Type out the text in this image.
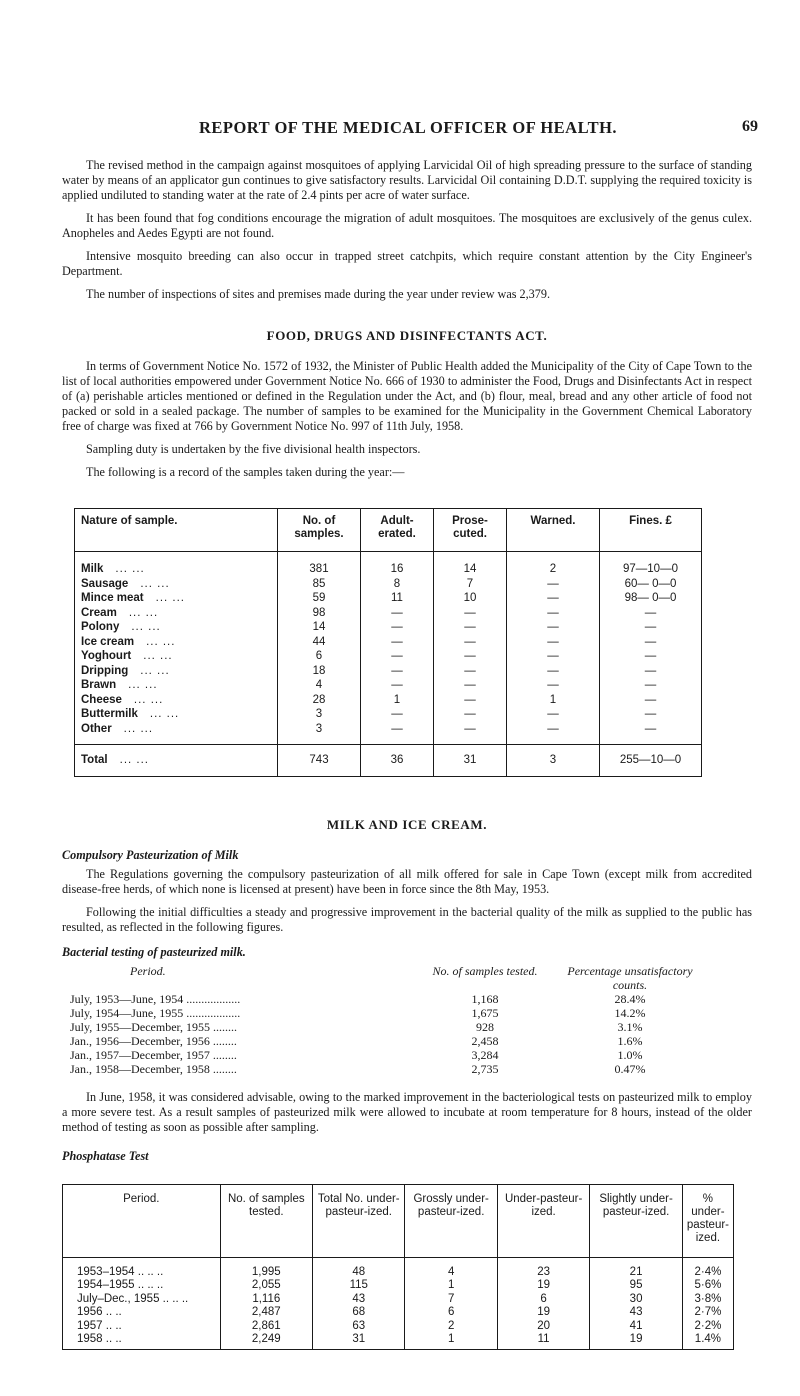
REPORT OF THE MEDICAL OFFICER OF HEALTH.	69

The revised method in the campaign against mosquitoes of applying Larvicidal Oil of high spreading pressure to the surface of standing water by means of an applicator gun continues to give satisfactory results. Larvicidal Oil containing D.D.T. supplying the required toxicity is applied undiluted to standing water at the rate of 2.4 pints per acre of water surface.

It has been found that fog conditions encourage the migration of adult mosquitoes. The mosquitoes are exclusively of the genus culex. Anopheles and Aedes Egypti are not found.

Intensive mosquito breeding can also occur in trapped street catchpits, which require constant attention by the City Engineer's Department.

The number of inspections of sites and premises made during the year under review was 2,379.

FOOD, DRUGS AND DISINFECTANTS ACT.

In terms of Government Notice No. 1572 of 1932, the Minister of Public Health added the Municipality of the City of Cape Town to the list of local authorities empowered under Government Notice No. 666 of 1930 to administer the Food, Drugs and Disinfectants Act in respect of (a) perishable articles mentioned or defined in the Regulation under the Act, and (b) flour, meal, bread and any other article of food not packed or sold in a sealed package. The number of samples to be examined for the Municipality in the Government Chemical Laboratory free of charge was fixed at 766 by Government Notice No. 997 of 11th July, 1958.

Sampling duty is undertaken by the five divisional health inspectors.

The following is a record of the samples taken during the year:—

Nature of sample.	No. of samples.	Adult-erated.	Prose-cuted.	Warned.	Fines. £
Milk ... ...	381	16	14	2	97—10—0
Sausage ... ...	85	8	7	—	60— 0—0
Mince meat ... ...	59	11	10	—	98— 0—0
Cream ... ...	98	—	—	—	—
Polony ... ...	14	—	—	—	—
Ice cream ... ...	44	—	—	—	—
Yoghourt ... ...	6	—	—	—	—
Dripping ... ...	18	—	—	—	—
Brawn ... ...	4	—	—	—	—
Cheese ... ...	28	1	—	1	—
Buttermilk ... ...	3	—	—	—	—
Other ... ...	3	—	—	—	—
Total ... ...	743	36	31	3	255—10—0
MILK AND ICE CREAM.
Compulsory Pasteurization of Milk

The Regulations governing the compulsory pasteurization of all milk offered for sale in Cape Town (except milk from accredited disease-free herds, of which none is licensed at present) have been in force since the 8th May, 1953.

Following the initial difficulties a steady and progressive improvement in the bacterial quality of the milk as supplied to the public has resulted, as reflected in the following figures.

Bacterial testing of pasteurized milk.
Period.	No. of samples tested.	Percentage unsatisfactory counts.
July, 1953—June, 1954 ..................	1,168	28.4%
July, 1954—June, 1955 ..................	1,675	14.2%
July, 1955—December, 1955 ........	928	3.1%
Jan., 1956—December, 1956 ........	2,458	1.6%
Jan., 1957—December, 1957 ........	3,284	1.0%
Jan., 1958—December, 1958 ........	2,735	0.47%

In June, 1958, it was considered advisable, owing to the marked improvement in the bacteriological tests on pasteurized milk to employ a more severe test. As a result samples of pasteurized milk were allowed to incubate at room temperature for 8 hours, instead of the older method of testing as soon as possible after sampling.

Phosphatase Test
Period.	No. of samples tested.	Total No. under-pasteur-ized.	Grossly under-pasteur-ized.	Under-pasteur-ized.	Slightly under-pasteur-ized.	% under-pasteur-ized.
1953–1954 .. .. ..	1,995	48	4	23	21	2·4%
1954–1955 .. .. ..	2,055	115	1	19	95	5·6%
July–Dec., 1955 .. .. ..	1,116	43	7	6	30	3·8%
1956 .. ..	2,487	68	6	19	43	2·7%
1957 .. ..	2,861	63	2	20	41	2·2%
1958 .. ..	2,249	31	1	11	19	1.4%
